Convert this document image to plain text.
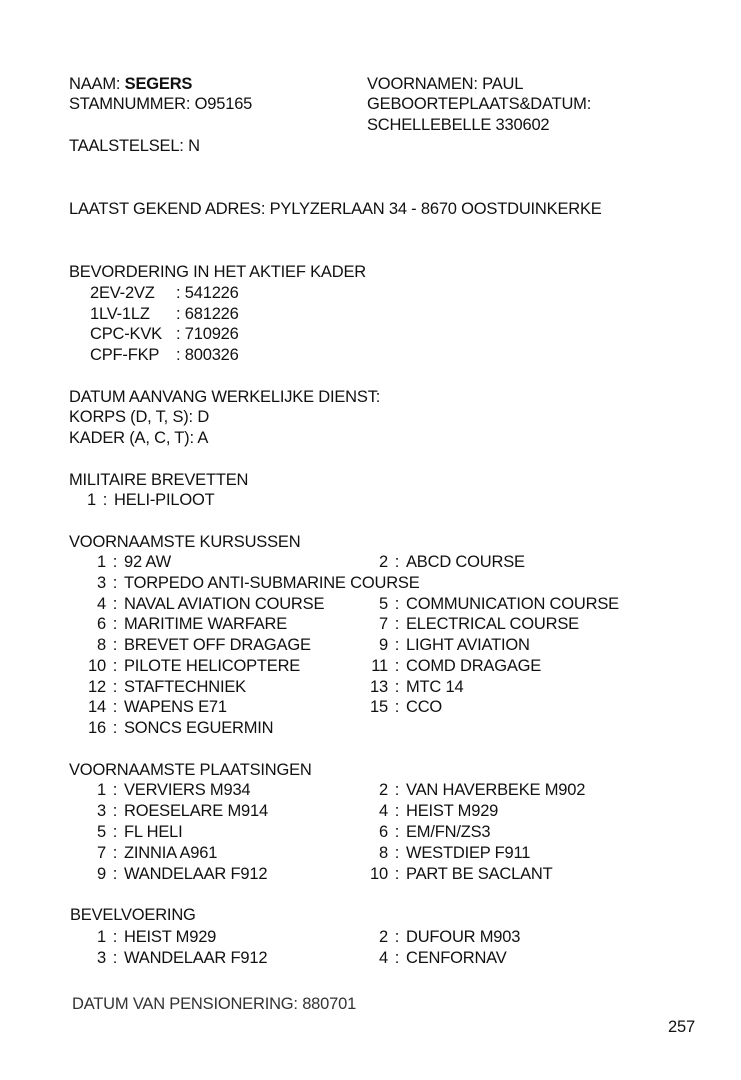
NAAM: SEGERS
STAMNUMMER: O95165
TAALSTELSEL: N
VOORNAMEN: PAUL
GEBOORTEPLAATS&DATUM:
SCHELLEBELLE 330602
LAATST GEKEND ADRES: PYLYZERLAAN 34 - 8670 OOSTDUINKERKE
BEVORDERING IN HET AKTIEF KADER
2EV-2VZ : 541226
1LV-1LZ : 681226
CPC-KVK : 710926
CPF-FKP : 800326
DATUM AANVANG WERKELIJKE DIENST:
KORPS (D, T, S): D
KADER (A, C, T): A
MILITAIRE BREVETTEN
1 : HELI-PILOOT
VOORNAAMSTE KURSUSSEN
1 : 92 AW
3 : TORPEDO ANTI-SUBMARINE COURSE
4 : NAVAL AVIATION COURSE
6 : MARITIME WARFARE
8 : BREVET OFF DRAGAGE
10 : PILOTE HELICOPTERE
12 : STAFTECHNIEK
14 : WAPENS E71
16 : SONCS EGUERMIN
2 : ABCD COURSE
5 : COMMUNICATION COURSE
7 : ELECTRICAL COURSE
9 : LIGHT AVIATION
11 : COMD DRAGAGE
13 : MTC 14
15 : CCO
VOORNAAMSTE PLAATSINGEN
1 : VERVIERS M934
3 : ROESELARE M914
5 : FL HELI
7 : ZINNIA A961
9 : WANDELAAR F912
2 : VAN HAVERBEKE M902
4 : HEIST M929
6 : EM/FN/ZS3
8 : WESTDIEP F911
10 : PART BE SACLANT
BEVELVOERING
1 : HEIST M929
3 : WANDELAAR F912
2 : DUFOUR M903
4 : CENFORNAV
DATUM VAN PENSIONERING: 880701
257
